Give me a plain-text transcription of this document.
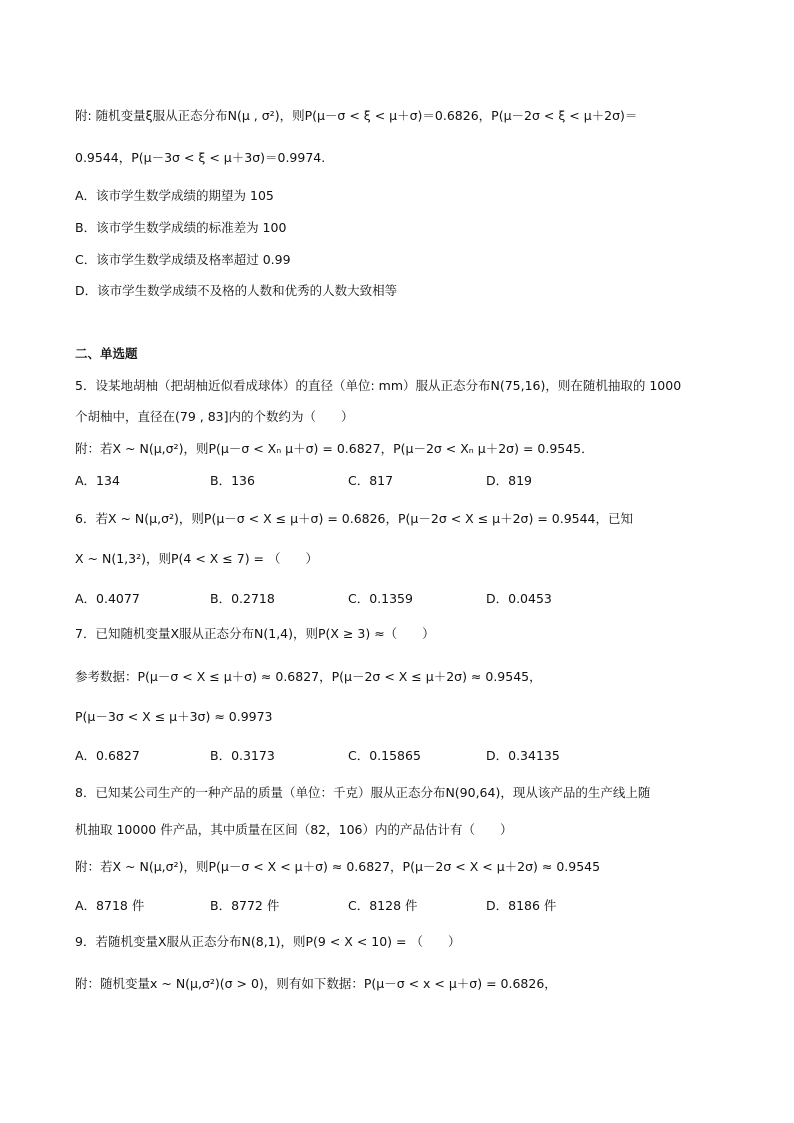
附: 随机变量ξ服从正态分布N(μ , σ²)，则P(μ－σ < ξ < μ＋σ)＝0.6826，P(μ－2σ < ξ < μ＋2σ)＝
0.9544，P(μ－3σ < ξ < μ＋3σ)＝0.9974.
A．该市学生数学成绩的期望为 105
B．该市学生数学成绩的标准差为 100
C．该市学生数学成绩及格率超过 0.99
D．该市学生数学成绩不及格的人数和优秀的人数大致相等
二、单选题
5．设某地胡柚（把胡柚近似看成球体）的直径（单位: mm）服从正态分布N(75,16)，则在随机抽取的 1000
个胡柚中，直径在(79 , 83]内的个数约为（　　）
附：若X ~ N(μ,σ²)，则P(μ－σ < Xₙ μ＋σ) = 0.6827，P(μ－2σ < Xₙ μ＋2σ) = 0.9545．
A．134	B．136	C．817	D．819
6．若X ~ N(μ,σ²)，则P(μ－σ < X ≤ μ＋σ) = 0.6826，P(μ－2σ < X ≤ μ＋2σ) = 0.9544，已知
X ~ N(1,3²)，则P(4 < X ≤ 7) = （　　）
A．0.4077	B．0.2718	C．0.1359	D．0.0453
7．已知随机变量X服从正态分布N(1,4)，则P(X ≥ 3) ≈（　　）
参考数据：P(μ－σ < X ≤ μ＋σ) ≈ 0.6827，P(μ－2σ < X ≤ μ＋2σ) ≈ 0.9545，
P(μ－3σ < X ≤ μ＋3σ) ≈ 0.9973
A．0.6827	B．0.3173	C．0.15865	D．0.34135
8．已知某公司生产的一种产品的质量（单位：千克）服从正态分布N(90,64)，现从该产品的生产线上随
机抽取 10000 件产品，其中质量在区间（82，106）内的产品估计有（　　）
附：若X ~ N(μ,σ²)，则P(μ－σ < X < μ＋σ) ≈ 0.6827，P(μ－2σ < X < μ＋2σ) ≈ 0.9545
A．8718 件	B．8772 件	C．8128 件	D．8186 件
9．若随机变量X服从正态分布N(8,1)，则P(9 < X < 10) = （　　）
附：随机变量x ~ N(μ,σ²)(σ > 0)，则有如下数据：P(μ－σ < x < μ＋σ) = 0.6826，
